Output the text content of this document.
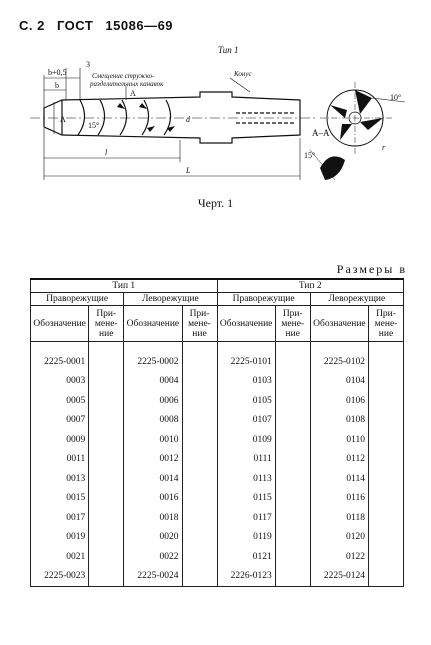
С. 2 ГОСТ 15086—69
Тип 1
b+0,5
b
3
Смещение стружко-
разделительных канавок
А
А
Конус
l
L
d
15°
А–А
10°
r
15°
Черт. 1
Размеры в
Тип 1				Тип 2			
Праворежущие		Леворежущие		Праворежущие		Леворежущие	
Обозначение	При- мене- ние	Обозначение	При- мене- ние	Обозначение	При- мене- ние	Обозначение	При- мене- ние
2225-0001		2225-0002		2225-0101		2225-0102	
0003		0004		0103		0104	
0005		0006		0105		0106	
0007		0008		0107		0108	
0009		0010		0109		0110	
0011		0012		0111		0112	
0013		0014		0113		0114	
0015		0016		0115		0116	
0017		0018		0117		0118	
0019		0020		0119		0120	
0021		0022		0121		0122	
2225-0023		2225-0024		2226-0123		2225-0124	
